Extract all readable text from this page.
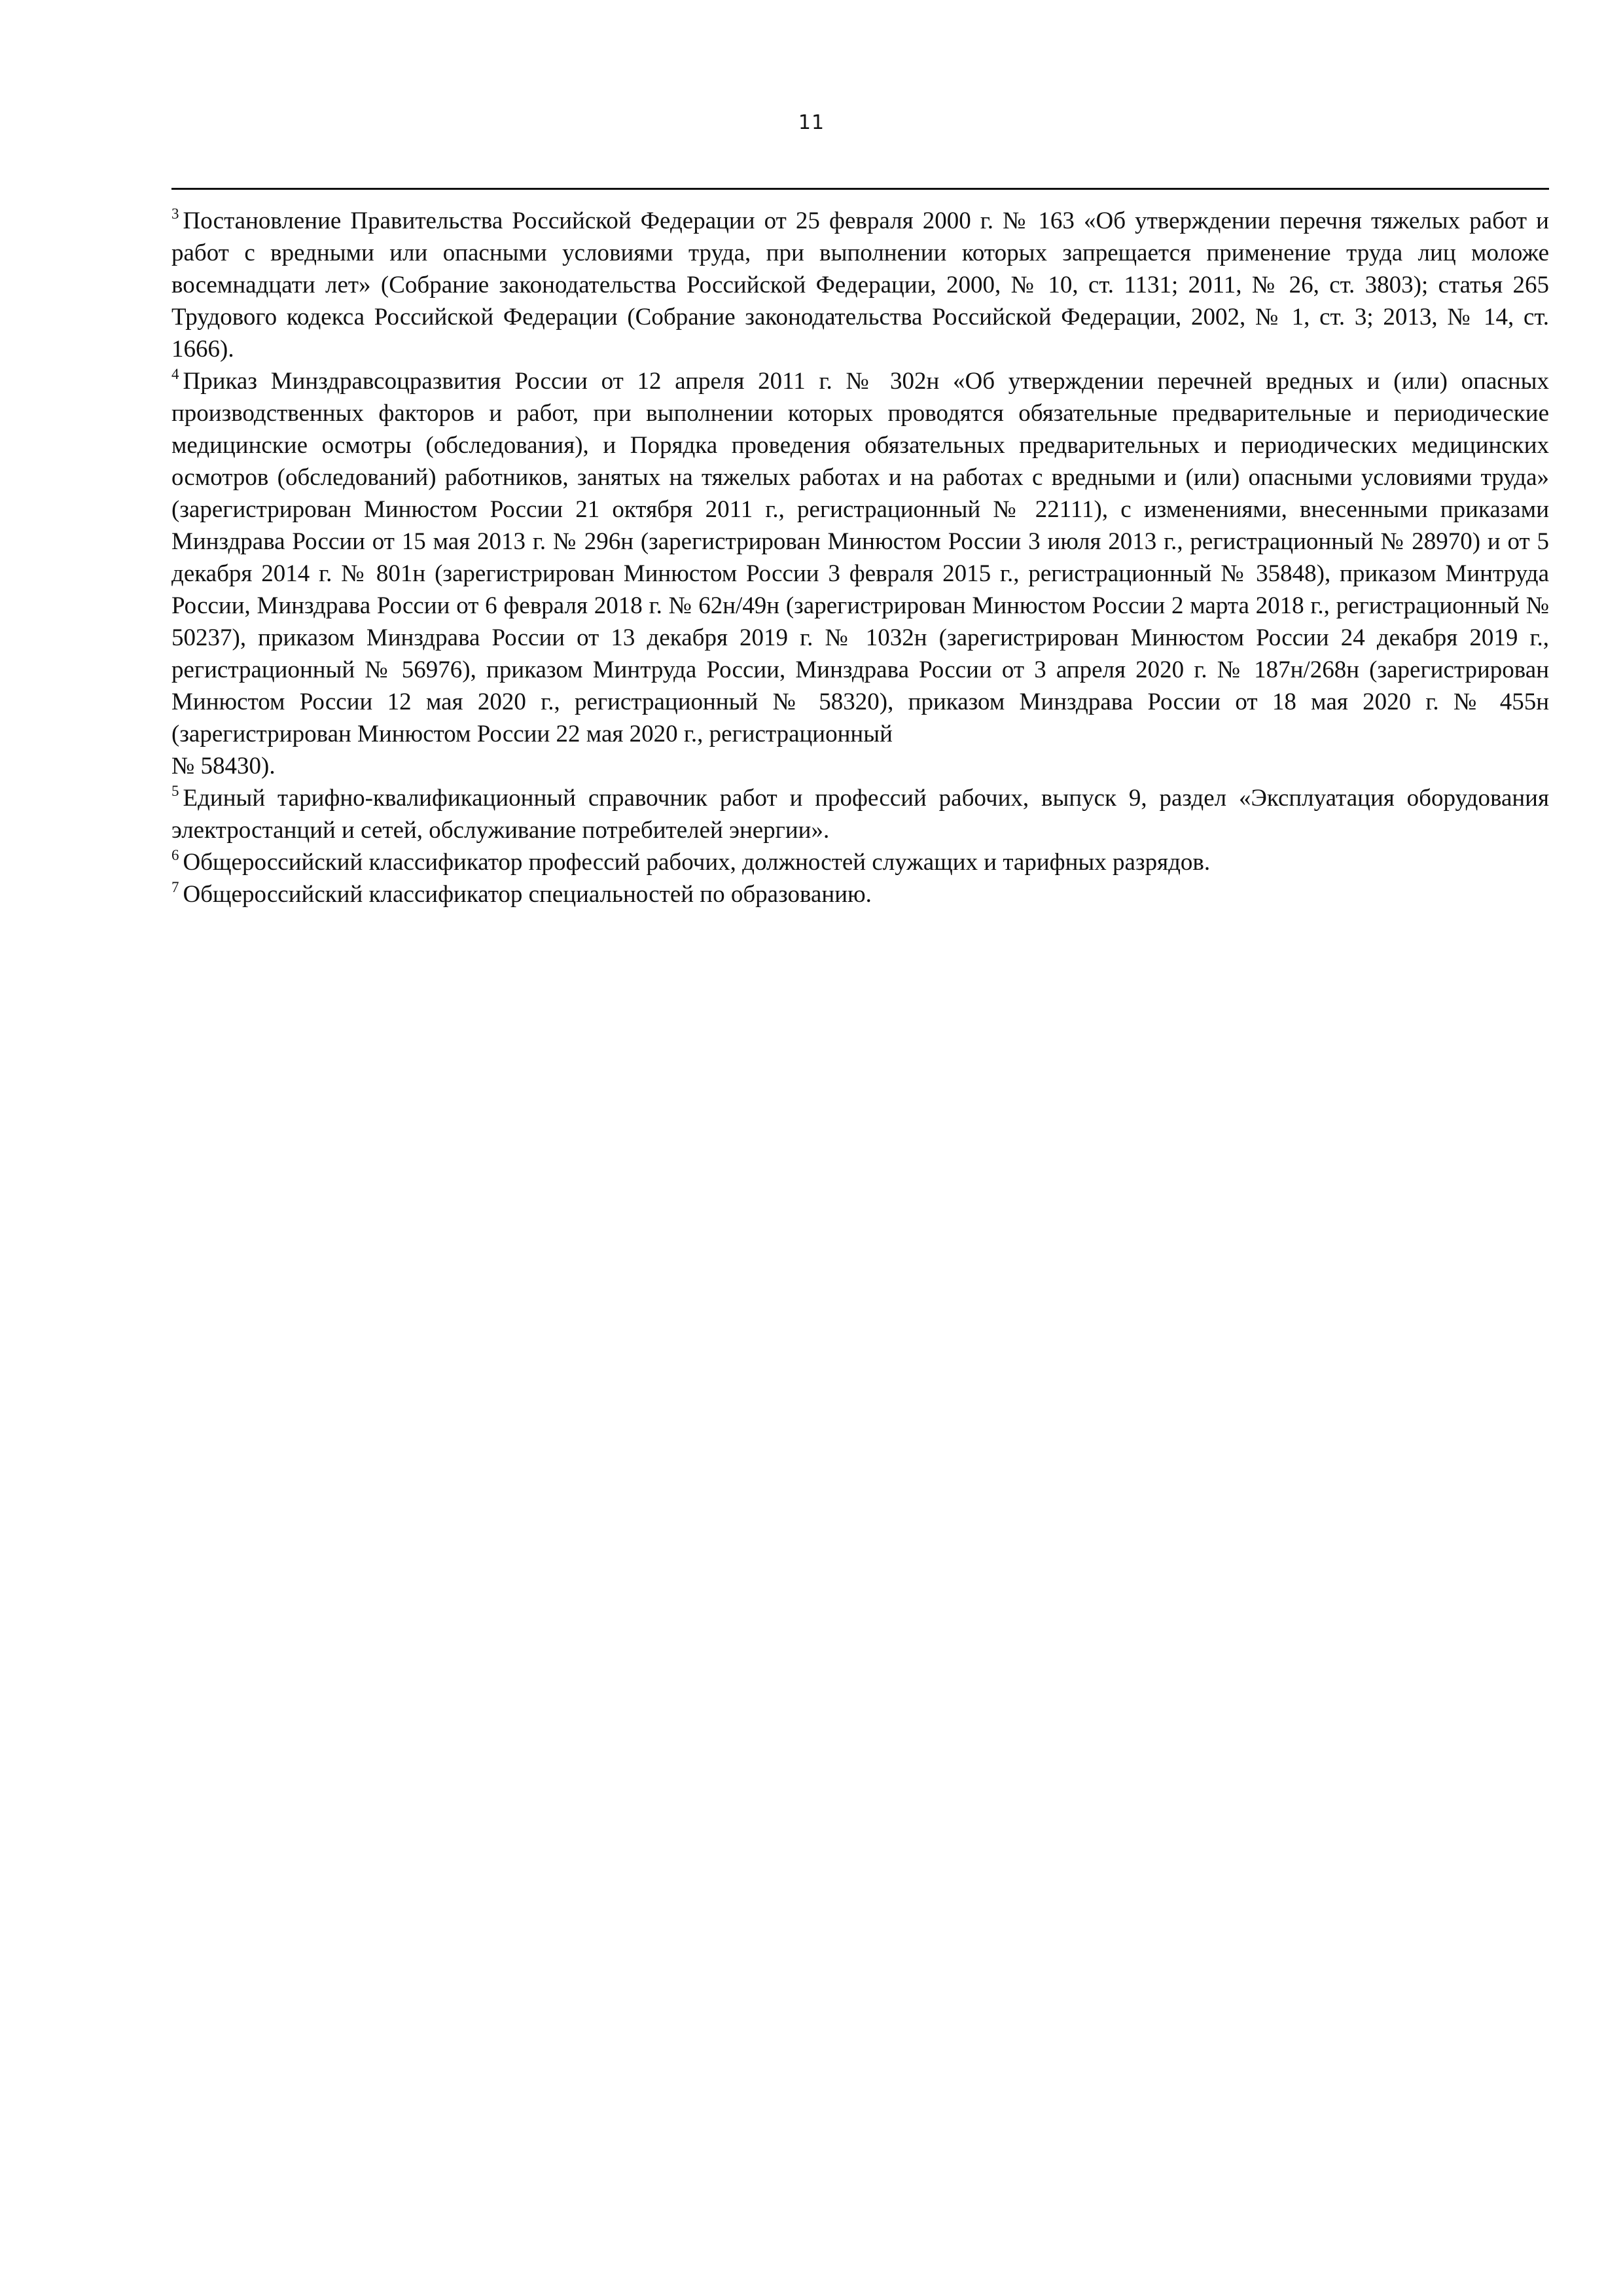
11

$^3$ Постановление Правительства Российской Федерации от 25 февраля 2000 г. № 163 «Об утверждении перечня тяжелых работ и работ с вредными или опасными условиями труда, при выполнении которых запрещается применение труда лиц моложе восемнадцати лет» (Собрание законодательства Российской Федерации, 2000, № 10, ст. 1131; 2011, № 26, ст. 3803); статья 265 Трудового кодекса Российской Федерации (Собрание законодательства Российской Федерации, 2002, № 1, ст. 3; 2013, № 14, ст. 1666).

$^4$ Приказ Минздравсоцразвития России от 12 апреля 2011 г. № 302н «Об утверждении перечней вредных и (или) опасных производственных факторов и работ, при выполнении которых проводятся обязательные предварительные и периодические медицинские осмотры (обследования), и Порядка проведения обязательных предварительных и периодических медицинских осмотров (обследований) работников, занятых на тяжелых работах и на работах с вредными и (или) опасными условиями труда» (зарегистрирован Минюстом России 21 октября 2011 г., регистрационный № 22111), с изменениями, внесенными приказами Минздрава России от 15 мая 2013 г. № 296н (зарегистрирован Минюстом России 3 июля 2013 г., регистрационный № 28970) и от 5 декабря 2014 г. № 801н (зарегистрирован Минюстом России 3 февраля 2015 г., регистрационный № 35848), приказом Минтруда России, Минздрава России от 6 февраля 2018 г. № 62н/49н (зарегистрирован Минюстом России 2 марта 2018 г., регистрационный № 50237), приказом Минздрава России от 13 декабря 2019 г. № 1032н (зарегистрирован Минюстом России 24 декабря 2019 г., регистрационный № 56976), приказом Минтруда России, Минздрава России от 3 апреля 2020 г. № 187н/268н (зарегистрирован Минюстом России 12 мая 2020 г., регистрационный № 58320), приказом Минздрава России от 18 мая 2020 г. № 455н (зарегистрирован Минюстом России 22 мая 2020 г., регистрационный
№ 58430).

$^5$ Единый тарифно-квалификационный справочник работ и профессий рабочих, выпуск 9, раздел «Эксплуатация оборудования электростанций и сетей, обслуживание потребителей энергии».

$^6$ Общероссийский классификатор профессий рабочих, должностей служащих и тарифных разрядов.

$^7$ Общероссийский классификатор специальностей по образованию.
